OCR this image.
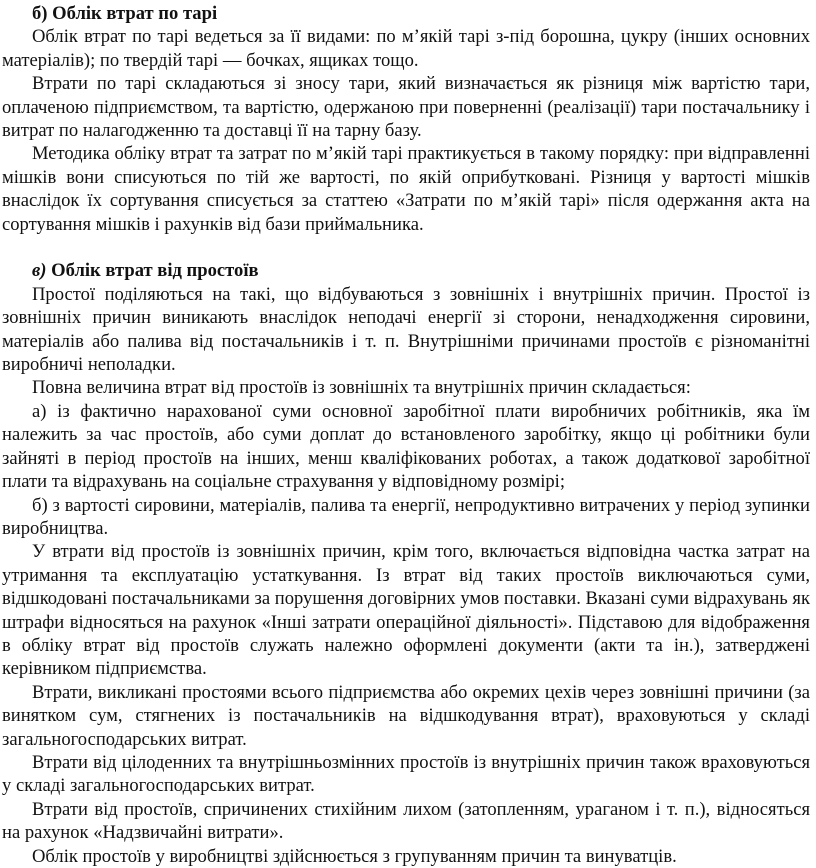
б) Облік втрат по тарі

Облік втрат по тарі ведеться за її видами: по м’якій тарі з-під борошна, цукру (інших основних матеріалів); по твердій тарі — бочках, ящиках тощо.

Втрати по тарі складаються зі зносу тари, який визначається як різниця між вартістю тари, оплаченою підприємством, та вартістю, одержаною при поверненні (реалізації) тари постачальнику і витрат по налагодженню та доставці її на тарну базу.

Методика обліку втрат та затрат по м’якій тарі практикується в такому порядку: при відправленні мішків вони списуються по тій же вартості, по якій оприбутковані. Різниця у вартості мішків внаслідок їх сортування списується за статтею «Затрати по м’якій тарі» після одержання акта на сортування мішків і рахунків від бази приймальника.

в) Облік втрат від простоїв

Простої поділяються на такі, що відбуваються з зовнішніх і внутрішніх причин. Простої із зовнішніх причин виникають внаслідок неподачі енергії зі сторони, ненадходження сировини, матеріалів або палива від постачальників і т. п. Внутрішніми причинами простоїв є різноманітні виробничі неполадки.

Повна величина втрат від простоїв із зовнішніх та внутрішніх причин складається:

а) із фактично нарахованої суми основної заробітної плати виробничих робітників, яка їм належить за час простоїв, або суми доплат до встановленого заробітку, якщо ці робітники були зайняті в період простоїв на інших, менш кваліфікованих роботах, а також додаткової заробітної плати та відрахувань на соціальне страхування у відповідному розмірі;

б) з вартості сировини, матеріалів, палива та енергії, непродуктивно витрачених у період зупинки виробництва.

У втрати від простоїв із зовнішніх причин, крім того, включається відповідна частка затрат на утримання та експлуатацію устаткування. Із втрат від таких простоїв виключаються суми, відшкодовані постачальниками за порушення договірних умов поставки. Вказані суми відрахувань як штрафи відносяться на рахунок «Інші затрати операційної діяльності». Підставою для відображення в обліку втрат від простоїв служать належно оформлені документи (акти та ін.), затверджені керівником підприємства.

Втрати, викликані простоями всього підприємства або окремих цехів через зовнішні причини (за винятком сум, стягнених із постачальників на відшкодування втрат), враховуються у складі загальногосподарських витрат.

Втрати від цілоденних та внутрішньозмінних простоїв із внутрішніх причин також враховуються у складі загальногосподарських витрат.

Втрати від простоїв, спричинених стихійним лихом (затопленням, ураганом і т. п.), відносяться на рахунок «Надзвичайні витрати».

Облік простоїв у виробництві здійснюється з групуванням причин та винуватців.
